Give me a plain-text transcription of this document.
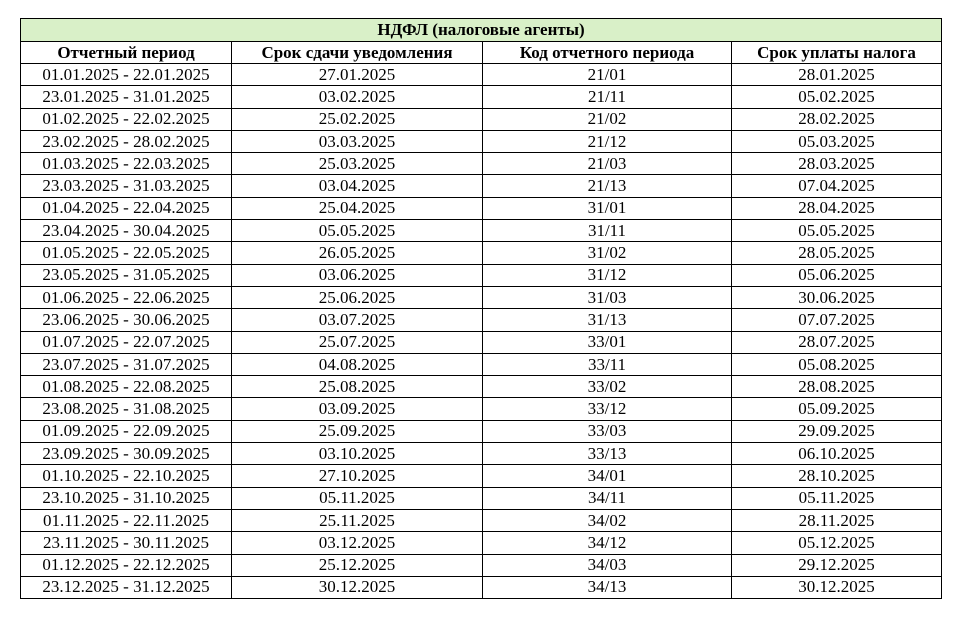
НДФЛ (налоговые агенты)			
Отчетный период	Срок сдачи уведомления	Код отчетного периода	Срок уплаты налога
01.01.2025 - 22.01.2025	27.01.2025	21/01	28.01.2025
23.01.2025 - 31.01.2025	03.02.2025	21/11	05.02.2025
01.02.2025 - 22.02.2025	25.02.2025	21/02	28.02.2025
23.02.2025 - 28.02.2025	03.03.2025	21/12	05.03.2025
01.03.2025 - 22.03.2025	25.03.2025	21/03	28.03.2025
23.03.2025 - 31.03.2025	03.04.2025	21/13	07.04.2025
01.04.2025 - 22.04.2025	25.04.2025	31/01	28.04.2025
23.04.2025 - 30.04.2025	05.05.2025	31/11	05.05.2025
01.05.2025 - 22.05.2025	26.05.2025	31/02	28.05.2025
23.05.2025 - 31.05.2025	03.06.2025	31/12	05.06.2025
01.06.2025 - 22.06.2025	25.06.2025	31/03	30.06.2025
23.06.2025 - 30.06.2025	03.07.2025	31/13	07.07.2025
01.07.2025 - 22.07.2025	25.07.2025	33/01	28.07.2025
23.07.2025 - 31.07.2025	04.08.2025	33/11	05.08.2025
01.08.2025 - 22.08.2025	25.08.2025	33/02	28.08.2025
23.08.2025 - 31.08.2025	03.09.2025	33/12	05.09.2025
01.09.2025 - 22.09.2025	25.09.2025	33/03	29.09.2025
23.09.2025 - 30.09.2025	03.10.2025	33/13	06.10.2025
01.10.2025 - 22.10.2025	27.10.2025	34/01	28.10.2025
23.10.2025 - 31.10.2025	05.11.2025	34/11	05.11.2025
01.11.2025 - 22.11.2025	25.11.2025	34/02	28.11.2025
23.11.2025 - 30.11.2025	03.12.2025	34/12	05.12.2025
01.12.2025 - 22.12.2025	25.12.2025	34/03	29.12.2025
23.12.2025 - 31.12.2025	30.12.2025	34/13	30.12.2025
